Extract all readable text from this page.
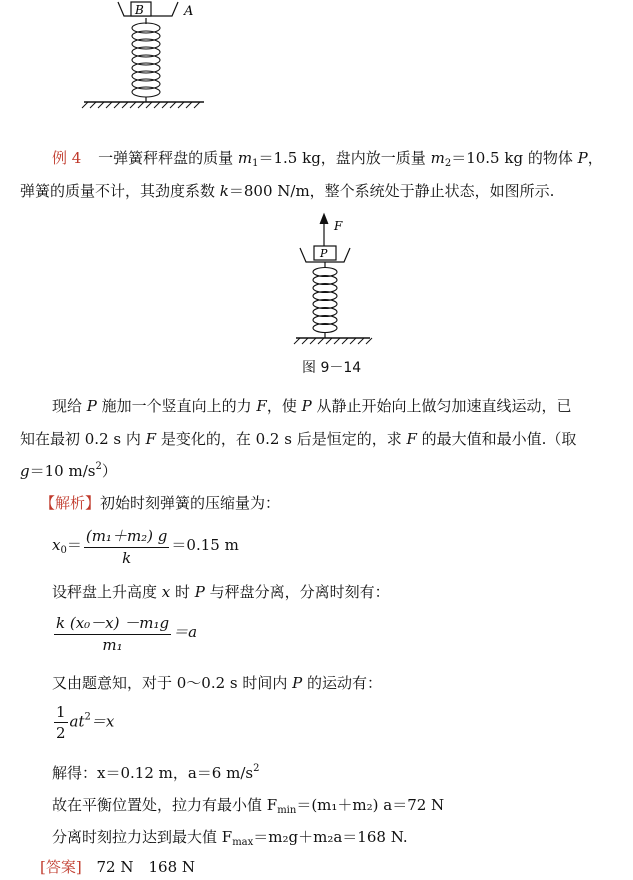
B	A
例 4 一弹簧秤秤盘的质量 $m_1=1.5$ kg，盘内放一质量 $m_2=10.5$ kg 的物体 P，
弹簧的质量不计，其劲度系数 k＝800 N/m，整个系统处于静止状态，如图所示.
F
P
图 9－14
现给 P 施加一个竖直向上的力 F，使 P 从静止开始向上做匀加速直线运动，已
知在最初 0.2 s 内 F 是变化的，在 0.2 s 后是恒定的，求 F 的最大值和最小值.（取
g＝10 $m/s^2$）
【解析】初始时刻弹簧的压缩量为：
$x_0= \frac{\text{(m₁＋m₂) g}}{k} =0.15$ m
设秤盘上升高度 x 时 P 与秤盘分离，分离时刻有：
$\frac{\text{k (x₀－x) －m₁g}}{\text{m₁}} =a$
又由题意知，对于 0～0.2 s 时间内 P 的运动有：
$\frac{1}{2} at^2=x$
解得：x＝0.12 m，a＝6 $m/s^2$
故在平衡位置处，拉力有最小值 $F_{min}=(m_1+m_2)$ a＝72 N
分离时刻拉力达到最大值 $F_{max}=m_2g+m_2a=168$ N.
[答案] 72 N　168 N
